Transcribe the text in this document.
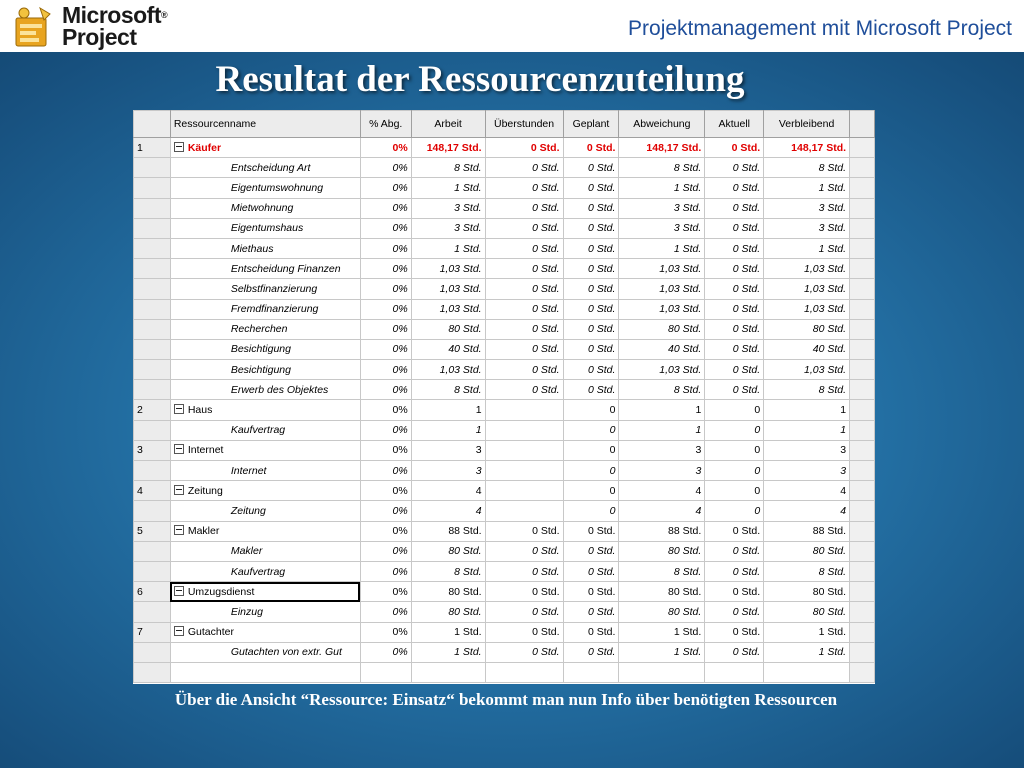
Microsoft®
Project	Projektmanagement mit Microsoft Project
Resultat der Ressourcenzuteilung
	Ressourcenname	% Abg.	Arbeit	Überstunden	Geplant	Abweichung	Aktuell	Verbleibend	
1	Käufer	0%	148,17 Std.	0 Std.	0 Std.	148,17 Std.	0 Std.	148,17 Std.	
	Entscheidung Art	0%	8 Std.	0 Std.	0 Std.	8 Std.	0 Std.	8 Std.	
	Eigentumswohnung	0%	1 Std.	0 Std.	0 Std.	1 Std.	0 Std.	1 Std.	
	Mietwohnung	0%	3 Std.	0 Std.	0 Std.	3 Std.	0 Std.	3 Std.	
	Eigentumshaus	0%	3 Std.	0 Std.	0 Std.	3 Std.	0 Std.	3 Std.	
	Miethaus	0%	1 Std.	0 Std.	0 Std.	1 Std.	0 Std.	1 Std.	
	Entscheidung Finanzen	0%	1,03 Std.	0 Std.	0 Std.	1,03 Std.	0 Std.	1,03 Std.	
	Selbstfinanzierung	0%	1,03 Std.	0 Std.	0 Std.	1,03 Std.	0 Std.	1,03 Std.	
	Fremdfinanzierung	0%	1,03 Std.	0 Std.	0 Std.	1,03 Std.	0 Std.	1,03 Std.	
	Recherchen	0%	80 Std.	0 Std.	0 Std.	80 Std.	0 Std.	80 Std.	
	Besichtigung	0%	40 Std.	0 Std.	0 Std.	40 Std.	0 Std.	40 Std.	
	Besichtigung	0%	1,03 Std.	0 Std.	0 Std.	1,03 Std.	0 Std.	1,03 Std.	
	Erwerb des Objektes	0%	8 Std.	0 Std.	0 Std.	8 Std.	0 Std.	8 Std.	
2	Haus	0%	1		0	1	0	1	
	Kaufvertrag	0%	1		0	1	0	1	
3	Internet	0%	3		0	3	0	3	
	Internet	0%	3		0	3	0	3	
4	Zeitung	0%	4		0	4	0	4	
	Zeitung	0%	4		0	4	0	4	
5	Makler	0%	88 Std.	0 Std.	0 Std.	88 Std.	0 Std.	88 Std.	
	Makler	0%	80 Std.	0 Std.	0 Std.	80 Std.	0 Std.	80 Std.	
	Kaufvertrag	0%	8 Std.	0 Std.	0 Std.	8 Std.	0 Std.	8 Std.	
6	Umzugsdienst	0%	80 Std.	0 Std.	0 Std.	80 Std.	0 Std.	80 Std.	
	Einzug	0%	80 Std.	0 Std.	0 Std.	80 Std.	0 Std.	80 Std.	
7	Gutachter	0%	1 Std.	0 Std.	0 Std.	1 Std.	0 Std.	1 Std.	
	Gutachten von extr. Gut	0%	1 Std.	0 Std.	0 Std.	1 Std.	0 Std.	1 Std.	

Über die Ansicht “Ressource: Einsatz“ bekommt man nun Info über benötigten Ressourcen
